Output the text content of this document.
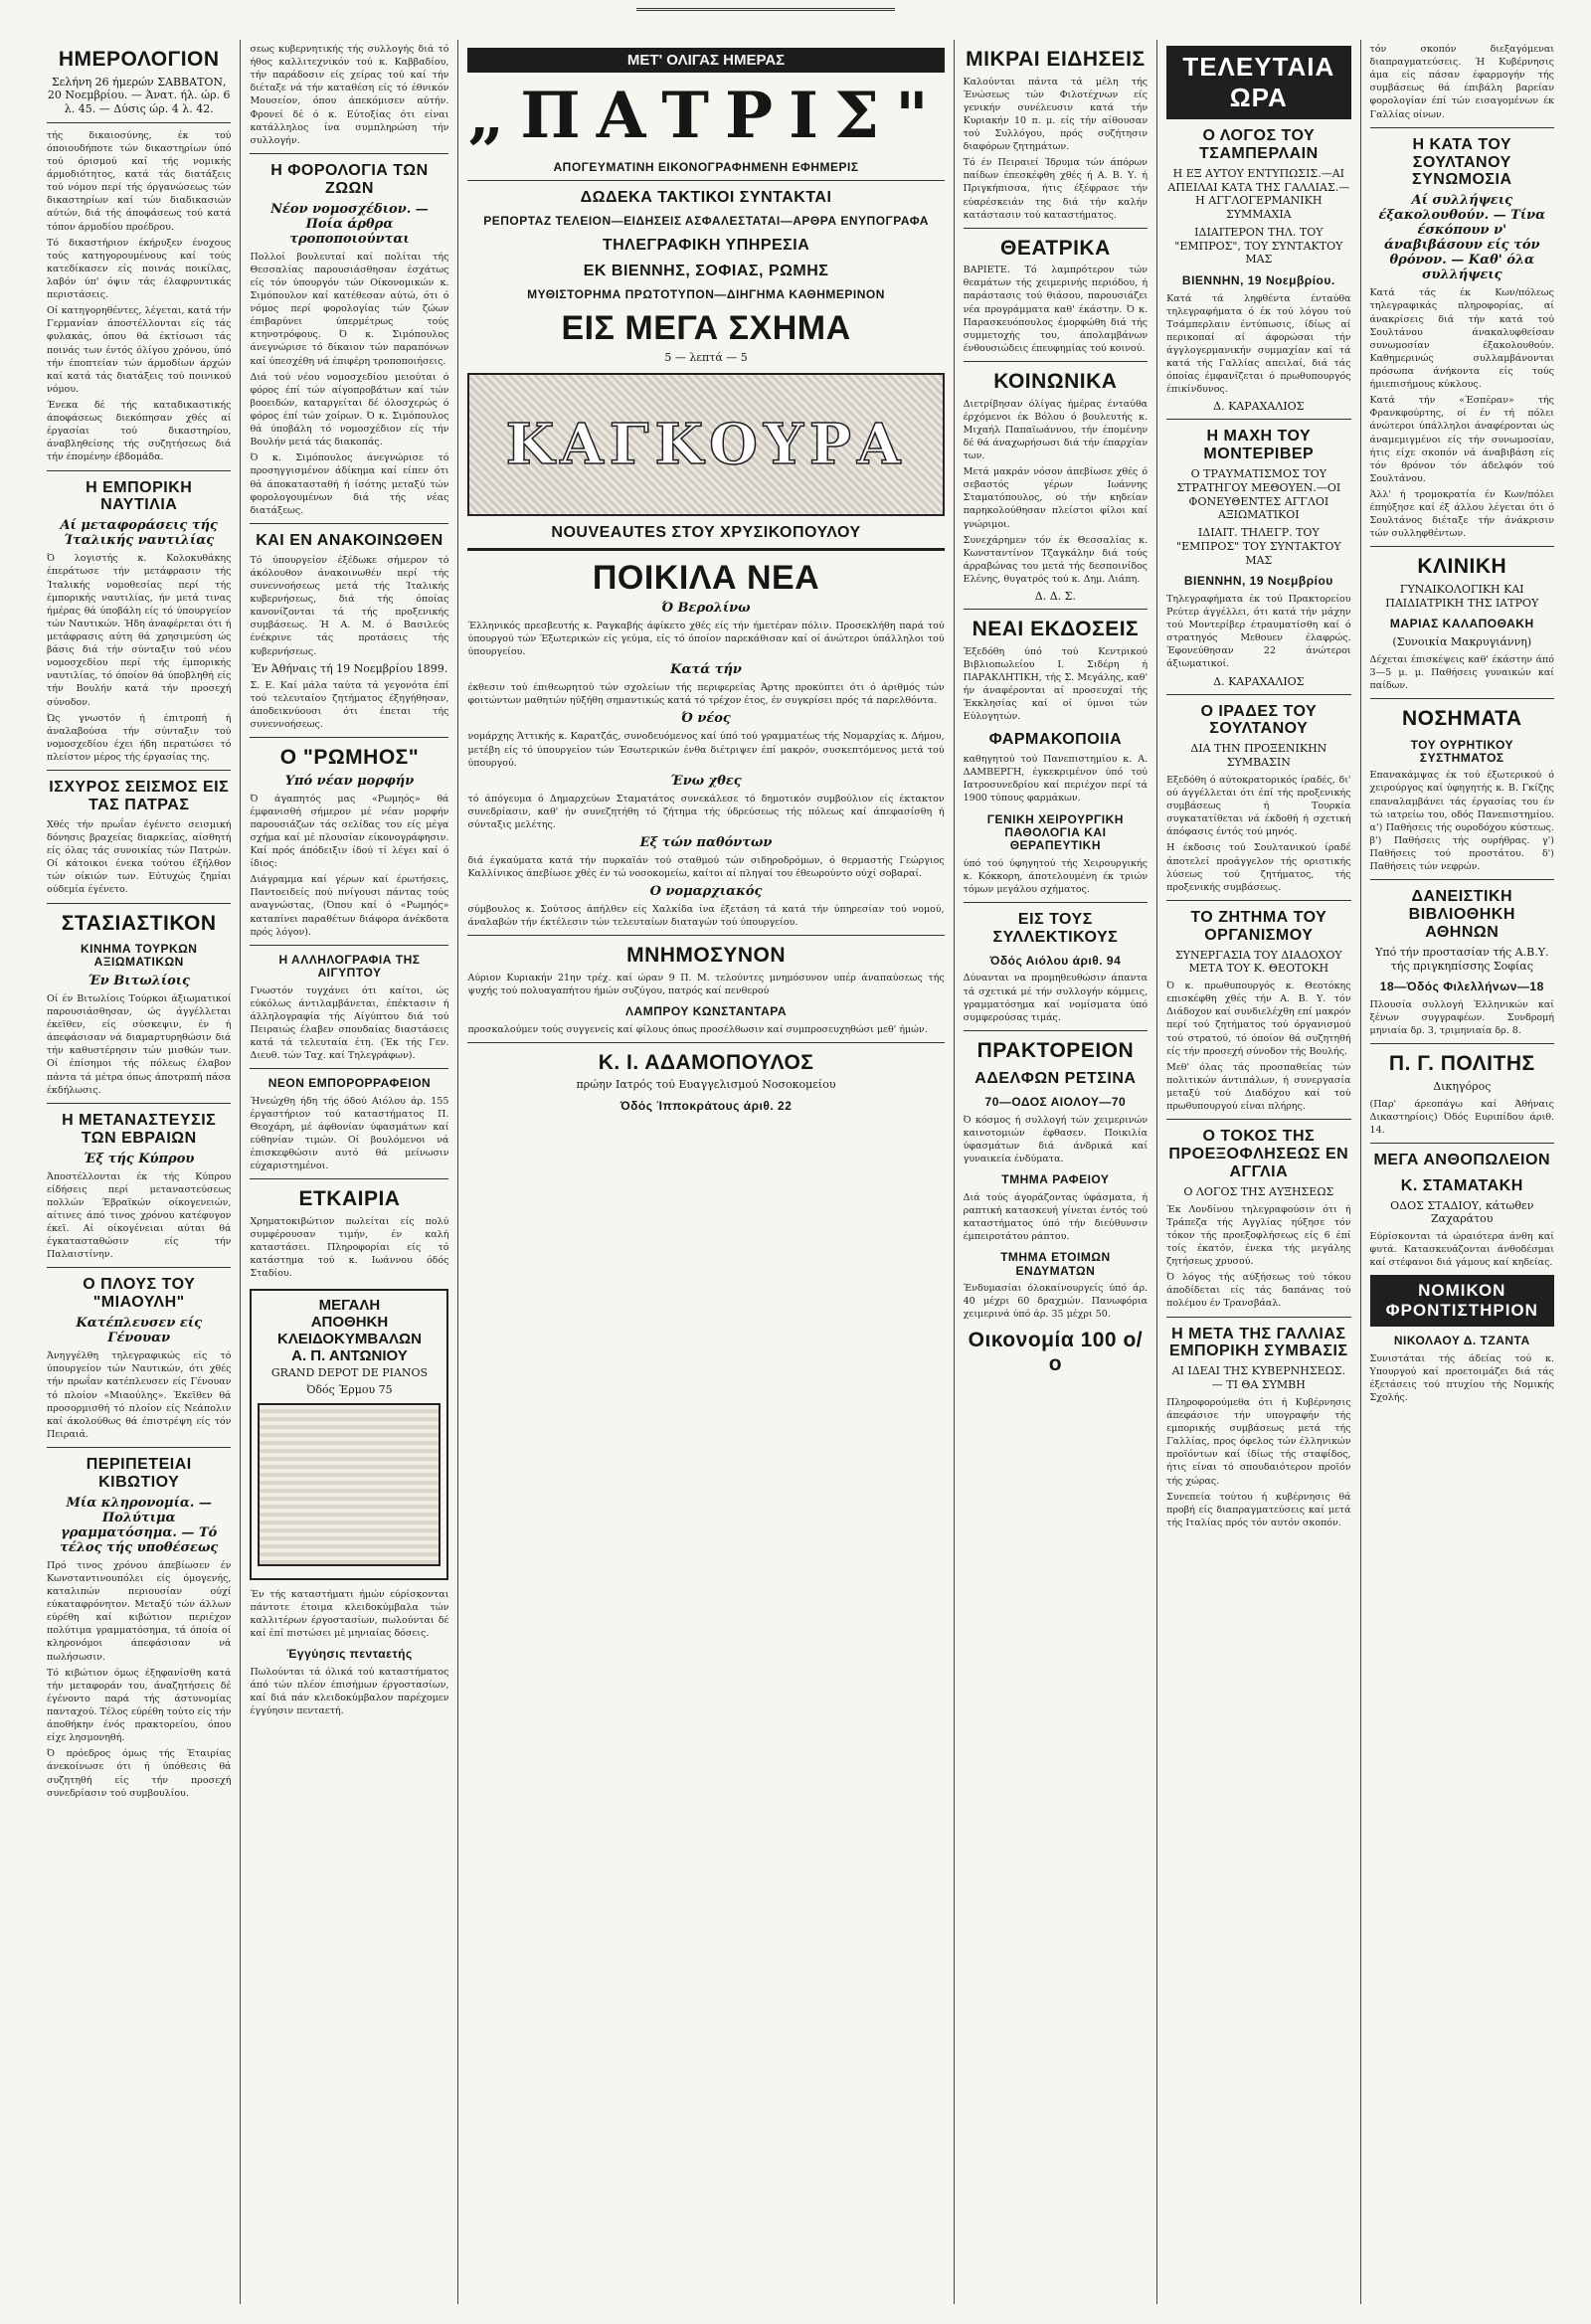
ΗΜΕΡΟΛΟΓΙΟΝ
Σελήνη 26 ήμερών ΣΑΒΒΑΤΟΝ, 20 Νοεμβρίου. — Άνατ. ήλ. ώρ. 6 λ. 45. — Δύσις ώρ. 4 λ. 42.

τής δικαιοσύνης, έκ τού όποιουδήποτε τών δικαστηρίων ύπό τού όρισμού καί τής νομικής άρμοδιότητος, κατά τάς διατάξεις τού νόμου περί τής όργανώσεως τών δικαστηρίων καί τών διαδικασιών αύτών, διά τής άποφάσεως τού κατά τόπον άρμοδίου προέδρου.

Τό δικαστήριον έκήρυξεν ένοχους τούς κατηγορουμένους καί τούς κατεδίκασεν είς ποινάς ποικίλας, λαβόν ύπ' όψιν τάς έλαφρυντικάς περιστάσεις.

Οί κατηγορηθέντες, λέγεται, κατά τήν Γερμανίαν άποστέλλονται είς τάς φυλακάς, όπου θά έκτίσωσι τάς ποινάς των έντός όλίγου χρόνου, ύπό τήν έποπτείαν τών άρμοδίων άρχών καί κατά τάς διατάξεις τού ποινικού νόμου.

Ένεκα δέ τής καταδικαστικής άποφάσεως διεκόπησαν χθές αί έργασίαι τού δικαστηρίου, άναβληθείσης τής συζητήσεως διά τήν έπομένην έβδομάδα.

Η ΕΜΠΟΡΙΚΗ ΝΑΥΤΙΛΙΑ
Αί μεταφοράσεις τής Ίταλικής ναυτιλίας

Ό λογιστής κ. Κολοκυθάκης έπεράτωσε τήν μετάφρασιν τής Ίταλικής νομοθεσίας περί τής έμπορικής ναυτιλίας, ήν μετά τινας ήμέρας θά ύποβάλη είς τό ύπουργείον τών Ναυτικών. Ήδη άναφέρεται ότι ή μετάφρασις αύτη θά χρησιμεύση ώς βάσις διά τήν σύνταξιν τού νέου νομοσχεδίου περί τής έμπορικής ναυτιλίας, τό όποίον θά ύποβληθή είς τήν Βουλήν κατά τήν προσεχή σύνοδον.

Ώς γνωστόν ή έπιτροπή ή άναλαβούσα τήν σύνταξιν τού νομοσχεδίου έχει ήδη περατώσει τό πλείστον μέρος τής έργασίας της.

ΙΣΧΥΡΟΣ ΣΕΙΣΜΟΣ ΕΙΣ ΤΑΣ ΠΑΤΡΑΣ

Χθές τήν πρωΐαν έγένετο σεισμική δόνησις βραχείας διαρκείας, αίσθητή είς όλας τάς συνοικίας τών Πατρών. Οί κάτοικοι ένεκα τούτου έξήλθον τών οίκιών των. Εύτυχώς ζημίαι ούδεμία έγένετο.

ΣΤΑΣΙΑΣΤΙΚΟΝ
ΚΙΝΗΜΑ ΤΟΥΡΚΩΝ ΑΞΙΩΜΑΤΙΚΩΝ
Έν Βιτωλίοις

Οί έν Βιτωλίοις Τούρκοι άξιωματικοί παρουσιάσθησαν, ώς άγγέλλεται έκεϊθεν, είς σύσκεψιν, έν ή άπεφάσισαν νά διαμαρτυρηθώσιν διά τήν καθυστέρησιν τών μισθών των. Οί έπίσημοι τής πόλεως έλαβον πάντα τά μέτρα όπως άποτραπή πάσα έκδήλωσις.

Η ΜΕΤΑΝΑΣΤΕΥΣΙΣ ΤΩΝ ΕΒΡΑΙΩΝ
Έξ τής Κύπρου

Άποστέλλονται έκ τής Κύπρου είδήσεις περί μεταναστεύσεως πολλών Έβραϊκών οίκογενειών, αίτινες άπό τινος χρόνου κατέφυγον έκεϊ. Αί οίκογένειαι αύται θά έγκατασταθώσιν είς τήν Παλαιστίνην.

Ο ΠΛΟΥΣ ΤΟΥ "ΜΙΑΟΥΛΗ"
Κατέπλευσεν είς Γένουαν

Άνηγγέλθη τηλεγραφικώς είς τό ύπουργείον τών Ναυτικών, ότι χθές τήν πρωΐαν κατέπλευσεν είς Γένουαν τό πλοίον «Μιαούλης». Έκεϊθεν θά προσορμισθή τό πλοίον είς Νεάπολιν καί άκολούθως θά έπιστρέψη είς τόν Πειραιά.

ΠΕΡΙΠΕΤΕΙΑΙ ΚΙΒΩΤΙΟΥ
Μία κληρονομία. — Πολύτιμα γραμματόσημα. — Τό τέλος τής υποθέσεως

Πρό τινος χρόνου άπεβίωσεν έν Κωνσταντινουπόλει είς όμογενής, καταλιπών περιουσίαν ούχί εύκαταφρόνητον. Μεταξύ τών άλλων εύρέθη καί κιβώτιον περιέχον πολύτιμα γραμματόσημα, τά όποία οί κληρονόμοι άπεφάσισαν νά πωλήσωσιν.

Τό κιβώτιον όμως έξηφανίσθη κατά τήν μεταφοράν του, άναζητήσεις δέ έγένοντο παρά τής άστυνομίας πανταχού. Τέλος εύρέθη τούτο είς τήν άποθήκην ένός πρακτορείου, όπου είχε λησμονηθή.

Ό πρόεδρος όμως τής Έταιρίας άνεκοίνωσε ότι ή ύπόθεσις θά συζητηθή είς τήν προσεχή συνεδρίασιν τού συμβουλίου.

σεως κυβερνητικής τής συλλογής διά τό ήθος καλλιτεχνικόν τού κ. Καββαδίου, τήν παράδοσιν είς χείρας τού καί τήν διέταξε νά τήν καταθέση είς τό έθνικόν Μουσείον, όπου άπεκόμισεν αύτήν. Φρονεί δέ ό κ. Εύτοξίας ότι είναι κατάλληλος ίνα συμπληρώση τήν συλλογήν.

Η ΦΟΡΟΛΟΓΙΑ ΤΩΝ ΖΩΩΝ
Νέον νομοσχέδιον. — Ποία άρθρα τροποποιούνται

Πολλοί βουλευταί καί πολίται τής Θεσσαλίας παρουσιάσθησαν έσχάτως είς τόν ύπουργόν τών Οίκονομικών κ. Σιμόπουλον καί κατέθεσαν αύτώ, ότι ό νόμος περί φορολογίας τών ζώων έπιβαρύνει ύπερμέτρως τούς κτηνοτρόφους. Ό κ. Σιμόπουλος άνεγνώρισε τό δίκαιον τών παραπόνων καί ύπεσχέθη νά έπιφέρη τροποποιήσεις.

Διά τού νέου νομοσχεδίου μειούται ό φόρος έπί τών αίγοπροβάτων καί τών βοοειδών, καταργείται δέ όλοσχερώς ό φόρος έπί τών χοίρων. Ό κ. Σιμόπουλος θά ύποβάλη τό νομοσχέδιον είς τήν Βουλήν μετά τάς διακοπάς.

Ό κ. Σιμόπουλος άνεγνώρισε τό προσηγγισμένον άδίκημα καί είπεν ότι θά άποκατασταθή ή ίσότης μεταξύ τών φορολογουμένων διά τής νέας διατάξεως.

ΚΑΙ ΕΝ ΑΝΑΚΟΙΝΩΘΕΝ

Τό ύπουργείον έξέδωκε σήμερον τό άκόλουθον άνακοινωθέν περί τής συνεννοήσεως μετά τής Ίταλικής κυβερνήσεως, διά τής όποίας κανονίζονται τά τής προξενικής συμβάσεως. Ή Α. Μ. ό Βασιλεύς ένέκρινε τάς προτάσεις τής κυβερνήσεως.

Έν Άθήναις τή 19 Νοεμβρίου 1899.

Σ. Ε. Καί μάλα ταύτα τά γεγονότα έπί τού τελευταίου ζητήματος έξηγήθησαν, άποδεικνύουσι ότι έπεται τής συνεννοήσεως.

Ο "ΡΩΜΗΟΣ"
Υπό νέαν μορφήν

Ό άγαπητός μας «Ρωμηός» θά έμφανισθή σήμερον μέ νέαν μορφήν παρουσιάζων τάς σελίδας του είς μέγα σχήμα καί μέ πλουσίαν είκονογράφησιν. Καί πρός άπόδειξιν ίδού τί λέγει καί ό ίδιος:

Διάγραμμα καί γέρων καί έρωτήσεις, Παντοειδείς πού πνίγουσι πάντας τούς αναγνώστας, (Όπου καί ό «Ρωμηός» καταπίνει παραθέτων διάφορα άνέκδοτα πρός λόγον).

Η ΑΛΛΗΛΟΓΡΑΦΙΑ ΤΗΣ ΑΙΓΥΠΤΟΥ

Γνωστόν τυγχάνει ότι καίτοι, ώς εύκόλως άντιλαμβάνεται, έπέκτασιν ή άλληλογραφία τής Αίγύπτου διά τού Πειραιώς έλαβεν σπουδαίας διαστάσεις κατά τά τελευταία έτη. (Έκ τής Γεν. Διευθ. τών Ταχ. καί Τηλεγράφων).

ΝΕΟΝ ΕΜΠΟΡΟΡΡΑΦΕΙΟΝ

Ήνεώχθη ήδη τής όδού Αιόλου άρ. 155 έργαστήριον τού καταστήματος Π. Θεοχάρη, μέ άφθονίαν ύφασμάτων καί εύθηνίαν τιμών. Οί βουλόμενοι νά έπισκεφθώσιν αυτό θά μείνωσιν εύχαριστημένοι.

ΕΤΚΑΙΡΙΑ

Χρηματοκιβώτιον πωλείται είς πολύ συμφέρουσαν τιμήν, έν καλή καταστάσει. Πληροφορίαι είς τό κατάστημα τού κ. Ιωάννου όδός Σταδίου.

ΜΕΓΑΛΗ
ΑΠΟΘΗΚΗ ΚΛΕΙΔΟΚΥΜΒΑΛΩΝ
Α. Π. ΑΝΤΩΝΙΟΥ
GRAND DEPOT DE PIANOS
Όδός Έρμου 75

Έν τής καταστήματι ήμών εύρίσκονται πάντοτε έτοιμα κλειδοκύμβαλα τών καλλιτέρων έργοστασίων, πωλούνται δέ καί έπί πιστώσει μέ μηνιαίας δόσεις.

Έγγύησις πενταετής

Πωλούνται τά όλικά τού καταστήματος άπό τών πλέον έπισήμων έργοστασίων, καί διά πάν κλειδοκύμβαλον παρέχομεν έγγύησιν πενταετή.

ΜΕΤ' ΟΛΙΓΑΣ ΗΜΕΡΑΣ
„ΠΑΤΡΙΣ"
ΑΠΟΓΕΥΜΑΤΙΝΗ ΕΙΚΟΝΟΓΡΑΦΗΜΕΝΗ ΕΦΗΜΕΡΙΣ
ΔΩΔΕΚΑ ΤΑΚΤΙΚΟΙ ΣΥΝΤΑΚΤΑΙ
ΡΕΠΟΡΤΑΖ ΤΕΛΕΙΟΝ—ΕΙΔΗΣΕΙΣ ΑΣΦΑΛΕΣΤΑΤΑΙ—ΑΡΘΡΑ ΕΝΥΠΟΓΡΑΦΑ
ΤΗΛΕΓΡΑΦΙΚΗ ΥΠΗΡΕΣΙΑ
ΕΚ ΒΙΕΝΝΗΣ, ΣΟΦΙΑΣ, ΡΩΜΗΣ
ΜΥΘΙΣΤΟΡΗΜΑ ΠΡΩΤΟΤΥΠΟΝ—ΔΙΗΓΗΜΑ ΚΑΘΗΜΕΡΙΝΟΝ
ΕΙΣ ΜΕΓΑ ΣΧΗΜΑ
5 — λεπτά — 5
ΚΑΓΚΟΥΡΑ
NOUVEAUTES ΣΤΟΥ ΧΡΥΣΙΚΟΠΟΥΛΟΥ
ΠΟΙΚΙΛΑ ΝΕΑ
Ό Βερολίνω

Έλληνικός πρεσβευτής κ. Ραγκαβής άφίκετο χθές είς τήν ήμετέραν πόλιν. Προσεκλήθη παρά τού ύπουργού τών Έξωτερικών είς γεύμα, είς τό όποίον παρεκάθισαν καί οί άνώτεροι ύπάλληλοι τού ύπουργείου.

Κατά τήν

έκθεσιν τού έπιθεωρητού τών σχολείων τής περιφερείας Άρτης προκύπτει ότι ό άριθμός τών φοιτώντων μαθητών ηύξήθη σημαντικώς κατά τό τρέχον έτος, έν συγκρίσει πρός τά παρελθόντα.

Ό νέος

νομάρχης Άττικής κ. Καρατζάς, συνοδευόμενος καί ύπό τού γραμματέως τής Νομαρχίας κ. Δήμου, μετέβη είς τό ύπουργείον τών Έσωτερικών ένθα διέτριψεν έπί μακρόν, συσκεπτόμενος μετά τού ύπουργού.

Ένω χθες

τό άπόγευμα ό Δημαρχεύων Σταματάτος συνεκάλεσε τό δημοτικόν συμβούλιον είς έκτακτον συνεδρίασιν, καθ' ήν συνεζητήθη τό ζήτημα τής ύδρεύσεως τής πόλεως καί άπεφασίσθη ή σύνταξις μελέτης.

Εξ τών παθόντων

διά έγκαύματα κατά τήν πυρκαϊάν τού σταθμού τών σιδηροδρόμων, ό θερμαστής Γεώργιος Καλλίνικος άπεβίωσε χθές έν τώ νοσοκομείω, καίτοι αί πληγαί του έθεωρούντο ούχί σοβαραί.

Ο νομαρχιακός

σύμβουλος κ. Σούτσος άπήλθεν είς Χαλκίδα ίνα έξετάση τά κατά τήν ύπηρεσίαν τού νομού, άναλαβών τήν έκτέλεσιν τών τελευταίων διαταγών τού ύπουργείου.

ΜΝΗΜΟΣΥΝΟΝ

Αύριον Κυριακήν 21ην τρέχ. καί ώραν 9 Π. Μ. τελούντες μνημόσυνον υπέρ άναπαύσεως τής ψυχής τού πολυαγαπήτου ήμών συζύγου, πατρός καί πενθερού

ΛΑΜΠΡΟΥ ΚΩΝΣΤΑΝΤΑΡΑ

προσκαλούμεν τούς συγγενείς καί φίλους όπως προσέλθωσιν καί συμπροσευχηθώσι μεθ' ήμών.

Κ. Ι. ΑΔΑΜΟΠΟΥΛΟΣ
πρώην Ιατρός τού Ευαγγελισμού Νοσοκομείου
Όδός Ίπποκράτους άριθ. 22
ΜΙΚΡΑΙ ΕΙΔΗΣΕΙΣ

Καλούνται πάντα τά μέλη τής Ένώσεως τών Φιλοτέχνων είς γενικήν συνέλευσιν κατά τήν Κυριακήν 10 π. μ. είς τήν αίθουσαν τού Συλλόγου, πρός συζήτησιν διαφόρων ζητημάτων.

Τό έν Πειραιεί Ίδρυμα τών άπόρων παίδων έπεσκέφθη χθές ή Α. Β. Υ. ή Πριγκήπισσα, ήτις έξέφρασε τήν εύαρέσκειάν της διά τήν καλήν κατάστασιν τού καταστήματος.

ΘΕΑΤΡΙΚΑ

ΒΑΡΙΕΤΕ. Τό λαμπρότερον τών θεαμάτων τής χειμερινής περιόδου, ή παράστασις τού θιάσου, παρουσιάζει νέα προγράμματα καθ' έκάστην. Ό κ. Παρασκευόπουλος έμορφώθη διά τής συμμετοχής του, άπολαμβάνων ένθουσιώδεις έπευφημίας τού κοινού.

ΚΟΙΝΩΝΙΚΑ

Διετρίβησαν όλίγας ήμέρας ένταύθα έρχόμενοι έκ Βόλου ό βουλευτής κ. Μιχαήλ Παπαϊωάννου, τήν έπομένην δέ θά άναχωρήσωσι διά τήν έπαρχίαν των.

Μετά μακράν νόσον άπεβίωσε χθές ό σεβαστός γέρων Ιωάννης Σταματόπουλος, ού τήν κηδείαν παρηκολούθησαν πλείστοι φίλοι καί γνώριμοι.

Συνεχάρημεν τόν έκ Θεσσαλίας κ. Κωνσταντίνον Τζαγκάλην διά τούς άρραβώνας του μετά τής δεσποινίδος Ελένης, θυγατρός τού κ. Δημ. Λιάπη.

Δ. Δ. Σ.
ΝΕΑΙ ΕΚΔΟΣΕΙΣ

Έξεδόθη ύπό τού Κεντρικού Βιβλιοπωλείου Ι. Σιδέρη ή ΠΑΡΑΚΛΗΤΙΚΗ, τής Σ. Μεγάλης, καθ' ήν άναφέρονται αί προσευχαί τής Έκκλησίας καί οί ύμνοι τών Εύλογητών.

ΦΑΡΜΑΚΟΠΟΙΙΑ

καθηγητού τού Πανεπιστημίου κ. Α. ΔΑΜΒΕΡΓΗ, έγκεκριμένον ύπό τού Ιατροσυνεδρίου καί περιέχον περί τά 1900 τύπους φαρμάκων.

ΓΕΝΙΚΗ ΧΕΙΡΟΥΡΓΙΚΗ ΠΑΘΟΛΟΓΙΑ ΚΑΙ ΘΕΡΑΠΕΥΤΙΚΗ

ύπό τού ύφηγητού τής Χειρουργικής κ. Κόκκορη, άποτελουμένη έκ τριών τόμων μεγάλου σχήματος.

ΕΙΣ ΤΟΥΣ ΣΥΛΛΕΚΤΙΚΟΥΣ
Όδός Αιόλου άριθ. 94

Δύνανται να προμηθευθώσιν άπαντα τά σχετικά μέ τήν συλλογήν κόμμεις, γραμματόσημα καί νομίσματα ύπό συμφερούσας τιμάς.

ΠΡΑΚΤΟΡΕΙΟΝ
ΑΔΕΛΦΩΝ ΡΕΤΣΙΝΑ
70—ΟΔΟΣ ΑΙΟΛΟΥ—70

Ό κόσμος ή συλλογή τών χειμερινών καινοτομιών έφθασεν. Ποικιλία ύφασμάτων διά άνδρικά καί γυναικεία ένδύματα.

ΤΜΗΜΑ ΡΑΦΕΙΟΥ

Διά τούς άγοράζοντας ύφάσματα, ή ραπτική κατασκευή γίνεται έντός τού καταστήματος ύπό τήν διεύθυνσιν έμπειροτάτου ράπτου.

ΤΜΗΜΑ ΕΤΟΙΜΩΝ ΕΝΔΥΜΑΤΩΝ

Ένδυμασίαι όλοκαίνουργείς ύπό άρ. 40 μέχρι 60 δραχμών. Πανωφόρια χειμερινά ύπό άρ. 35 μέχρι 50.

Οικονομία 100 ο/ο
ΤΕΛΕΥΤΑΙΑ ΩΡΑ
Ο ΛΟΓΟΣ ΤΟΥ ΤΣΑΜΠΕΡΛΑΙΝ
Η ΕΞ ΑΥΤΟΥ ΕΝΤΥΠΩΣΙΣ.—ΑΙ ΑΠΕΙΛΑΙ ΚΑΤΑ ΤΗΣ ΓΑΛΛΙΑΣ.—Η ΑΓΓΛΟΓΕΡΜΑΝΙΚΗ ΣΥΜΜΑΧΙΑ
ΙΔΙΑΙΤΕΡΟΝ ΤΗΛ. ΤΟΥ "ΕΜΠΡΟΣ", ΤΟΥ ΣΥΝΤΑΚΤΟΥ ΜΑΣ
ΒΙΕΝΝΗΝ, 19 Νοεμβρίου.

Κατά τά ληφθέντα ένταύθα τηλεγραφήματα ό έκ τού λόγου τού Τσάμπερλαιν έντύπωσις, ίδίως αί περικοπαί αί άφορώσαι τήν άγγλογερμανικήν συμμαχίαν καί τά κατά τής Γαλλίας απειλαί, διά τάς όποίας έμφανίζεται ό πρωθυπουργός έπικίνδυνος.

Δ. ΚΑΡΑΧΑΛΙΟΣ
Η ΜΑΧΗ ΤΟΥ ΜΟΝΤΕΡΙΒΕΡ
Ο ΤΡΑΥΜΑΤΙΣΜΟΣ ΤΟΥ ΣΤΡΑΤΗΓΟΥ ΜΕΘΟΥΕΝ.—ΟΙ ΦΟΝΕΥΘΕΝΤΕΣ ΑΓΓΛΟΙ ΑΞΙΩΜΑΤΙΚΟΙ
ΙΔΙΑΙΤ. ΤΗΛΕΓΡ. ΤΟΥ "ΕΜΠΡΟΣ" ΤΟΥ ΣΥΝΤΑΚΤΟΥ ΜΑΣ
ΒΙΕΝΝΗΝ, 19 Νοεμβρίου

Τηλεγραφήματα έκ τού Πρακτορείου Ρεύτερ άγγέλλει, ότι κατά τήν μάχην τού Μοντερίβερ έτραυματίσθη καί ό στρατηγός Μεθουεν έλαφρώς. Έφονεύθησαν 22 άνώτεροι άξιωματικοί.

Δ. ΚΑΡΑΧΑΛΙΟΣ
Ο ΙΡΑΔΕΣ ΤΟΥ ΣΟΥΛΤΑΝΟΥ
ΔΙΑ ΤΗΝ ΠΡΟΞΕΝΙΚΗΝ ΣΥΜΒΑΣΙΝ

Εξεδόθη ό αύτοκρατορικός ίραδές, δι' ού άγγέλλεται ότι έπί τής προξενικής συμβάσεως ή Τουρκία συγκατατίθεται νά έκδοθή ή σχετική άπόφασις έντός τού μηνός.

Η έκδοσις τού Σουλτανικού ίραδέ άποτελεί προάγγελον τής οριστικής λύσεως τού ζητήματος, τής προξενικής συμβάσεως.

ΤΟ ΖΗΤΗΜΑ ΤΟΥ ΟΡΓΑΝΙΣΜΟΥ
ΣΥΝΕΡΓΑΣΙΑ ΤΟΥ ΔΙΑΔΟΧΟΥ ΜΕΤΑ ΤΟΥ Κ. ΘΕΟΤΟΚΗ

Ό κ. πρωθυπουργός κ. Θεοτόκης επισκέφθη χθές τήν Α. Β. Υ. τόν Διάδοχον καί συνδιελέχθη επί μακρόν περί τού ζητήματος τού όργανισμού τού στρατού, τό όποίον θά συζητηθή είς τήν προσεχή σύνοδον τής Βουλής.

Μεθ' όλας τάς προσπαθείας τών πολιτικών άντιπάλων, ή συνεργασία μεταξύ τού Διαδόχου καί τού πρωθυπουργού είναι πλήρης.

Ο ΤΟΚΟΣ ΤΗΣ ΠΡΟΕΞΟΦΛΗΣΕΩΣ ΕΝ ΑΓΓΛΙΑ
Ο ΛΟΓΟΣ ΤΗΣ ΑΥΞΗΣΕΩΣ

Έκ Λονδίνου τηλεγραφούσιν ότι ή Τράπεζα τής Αγγλίας ηύξησε τόν τόκον τής προεξοφλήσεως είς 6 έπί τοίς έκατόν, ένεκα τής μεγάλης ζητήσεως χρυσού.

Ό λόγος τής αύξήσεως τού τόκου άποδίδεται είς τάς δαπάνας τού πολέμου έν Τρανσβάαλ.

Η ΜΕΤΑ ΤΗΣ ΓΑΛΛΙΑΣ ΕΜΠΟΡΙΚΗ ΣΥΜΒΑΣΙΣ
ΑΙ ΙΔΕΑΙ ΤΗΣ ΚΥΒΕΡΝΗΣΕΩΣ. — ΤΙ ΘΑ ΣΥΜΒΗ

Πληροφορούμεθα ότι ή Κυβέρνησις άπεφάσισε τήν υπογραφήν τής εμπορικής συμβάσεως μετά τής Γαλλίας, προς όφελος τών έλληνικών προϊόντων καί ίδίως τής σταφίδος, ήτις είναι τό σπουδαιότερον προϊόν τής χώρας.

Συνεπεία τούτου ή κυβέρνησις θά προβή είς διαπραγματεύσεις καί μετά τής Ιταλίας πρός τόν αυτόν σκοπόν.

τόν σκοπόν διεξαγόμεναι διαπραγματεύσεις. Ή Κυβέρνησις άμα είς πάσαν έφαρμογήν τής συμβάσεως θά έπιβάλη βαρείαν φορολογίαν έπί τών εισαγομένων έκ Γαλλίας οίνων.

Η ΚΑΤΑ ΤΟΥ ΣΟΥΛΤΑΝΟΥ ΣΥΝΩΜΟΣΙΑ
Αί συλλήψεις έξακολουθούν. — Τίνα έσκόπουν ν' άναβιβάσουν είς τόν θρόνον. — Καθ' όλα συλλήψεις

Κατά τάς έκ Κων/πόλεως τηλεγραφικάς πληροφορίας, αί άνακρίσεις διά τήν κατά τού Σουλτάνου άνακαλυφθείσαν συνωμοσίαν έξακολουθούν. Καθημερινώς συλλαμβάνονται πρόσωπα άνήκοντα είς τούς ήμιεπισήμους κύκλους.

Κατά τήν «Έσπέραν» τής Φρανκφούρτης, οί έν τή πόλει άνώτεροι ύπάλληλοι άναφέρονται ώς άναμεμιγμένοι είς τήν συνωμοσίαν, ήτις είχε σκοπόν νά άναβιβάση είς τόν θρόνον τόν άδελφόν τού Σουλτάνου.

Άλλ' ή τρομοκρατία έν Κων/πόλει έπηύξησε καί έξ άλλου λέγεται ότι ό Σουλτάνος διέταξε τήν άνάκρισιν τών συλληφθέντων.

ΚΛΙΝΙΚΗ
ΓΥΝΑΙΚΟΛΟΓΙΚΗ ΚΑΙ ΠΑΙΔΙΑΤΡΙΚΗ ΤΗΣ ΙΑΤΡΟΥ
ΜΑΡΙΑΣ ΚΑΛΑΠΟΘΑΚΗ
(Συνοικία Μακρυγιάννη)

Δέχεται έπισκέψεις καθ' έκάστην άπό 3—5 μ. μ. Παθήσεις γυναικών καί παίδων.

ΝΟΣΗΜΑΤΑ
ΤΟΥ ΟΥΡΗΤΙΚΟΥ ΣΥΣΤΗΜΑΤΟΣ

Επανακάμψας έκ τού έξωτερικού ό χειρούργος καί ύφηγητής κ. Β. Γκίζης επαναλαμβάνει τάς έργασίας του έν τώ ιατρείω του, οδός Πανεπιστημίου. α') Παθήσεις τής ουροδόχου κύστεως. β') Παθήσεις τής ουρήθρας. γ') Παθήσεις τού προστάτου. δ') Παθήσεις τών νεφρών.

ΔΑΝΕΙΣΤΙΚΗ ΒΙΒΛΙΟΘΗΚΗ ΑΘΗΝΩΝ
Υπό τήν προστασίαν τής Α.Β.Υ. τής πριγκηπίσσης Σοφίας
18—Όδός Φιλελλήνων—18

Πλουσία συλλογή Έλληνικών καί ξένων συγγραφέων. Συνδρομή μηνιαία δρ. 3, τριμηνιαία δρ. 8.

Π. Γ. ΠΟΛΙΤΗΣ
Δικηγόρος

(Παρ' άρεοπάγω καί Άθήναις Δικαστηρίοις) Όδός Ευριπίδου άριθ. 14.

ΜΕΓΑ ΑΝΘΟΠΩΛΕΙΟΝ
Κ. ΣΤΑΜΑΤΑΚΗ
ΟΔΟΣ ΣΤΑΔΙΟΥ, κάτωθεν Ζαχαράτου

Εύρίσκονται τά ώραιότερα άνθη καί φυτά. Κατασκευάζονται άνθοδέσμαι καί στέφανοι διά γάμους καί κηδείας.

ΝΟΜΙΚΟΝ ΦΡΟΝΤΙΣΤΗΡΙΟΝ
ΝΙΚΟΛΑΟΥ Δ. ΤΖΑΝΤΑ

Συνιστάται τής άδείας τού κ. Υπουργού καί προετοιμάζει διά τάς έξετάσεις τού πτυχίου τής Νομικής Σχολής.
